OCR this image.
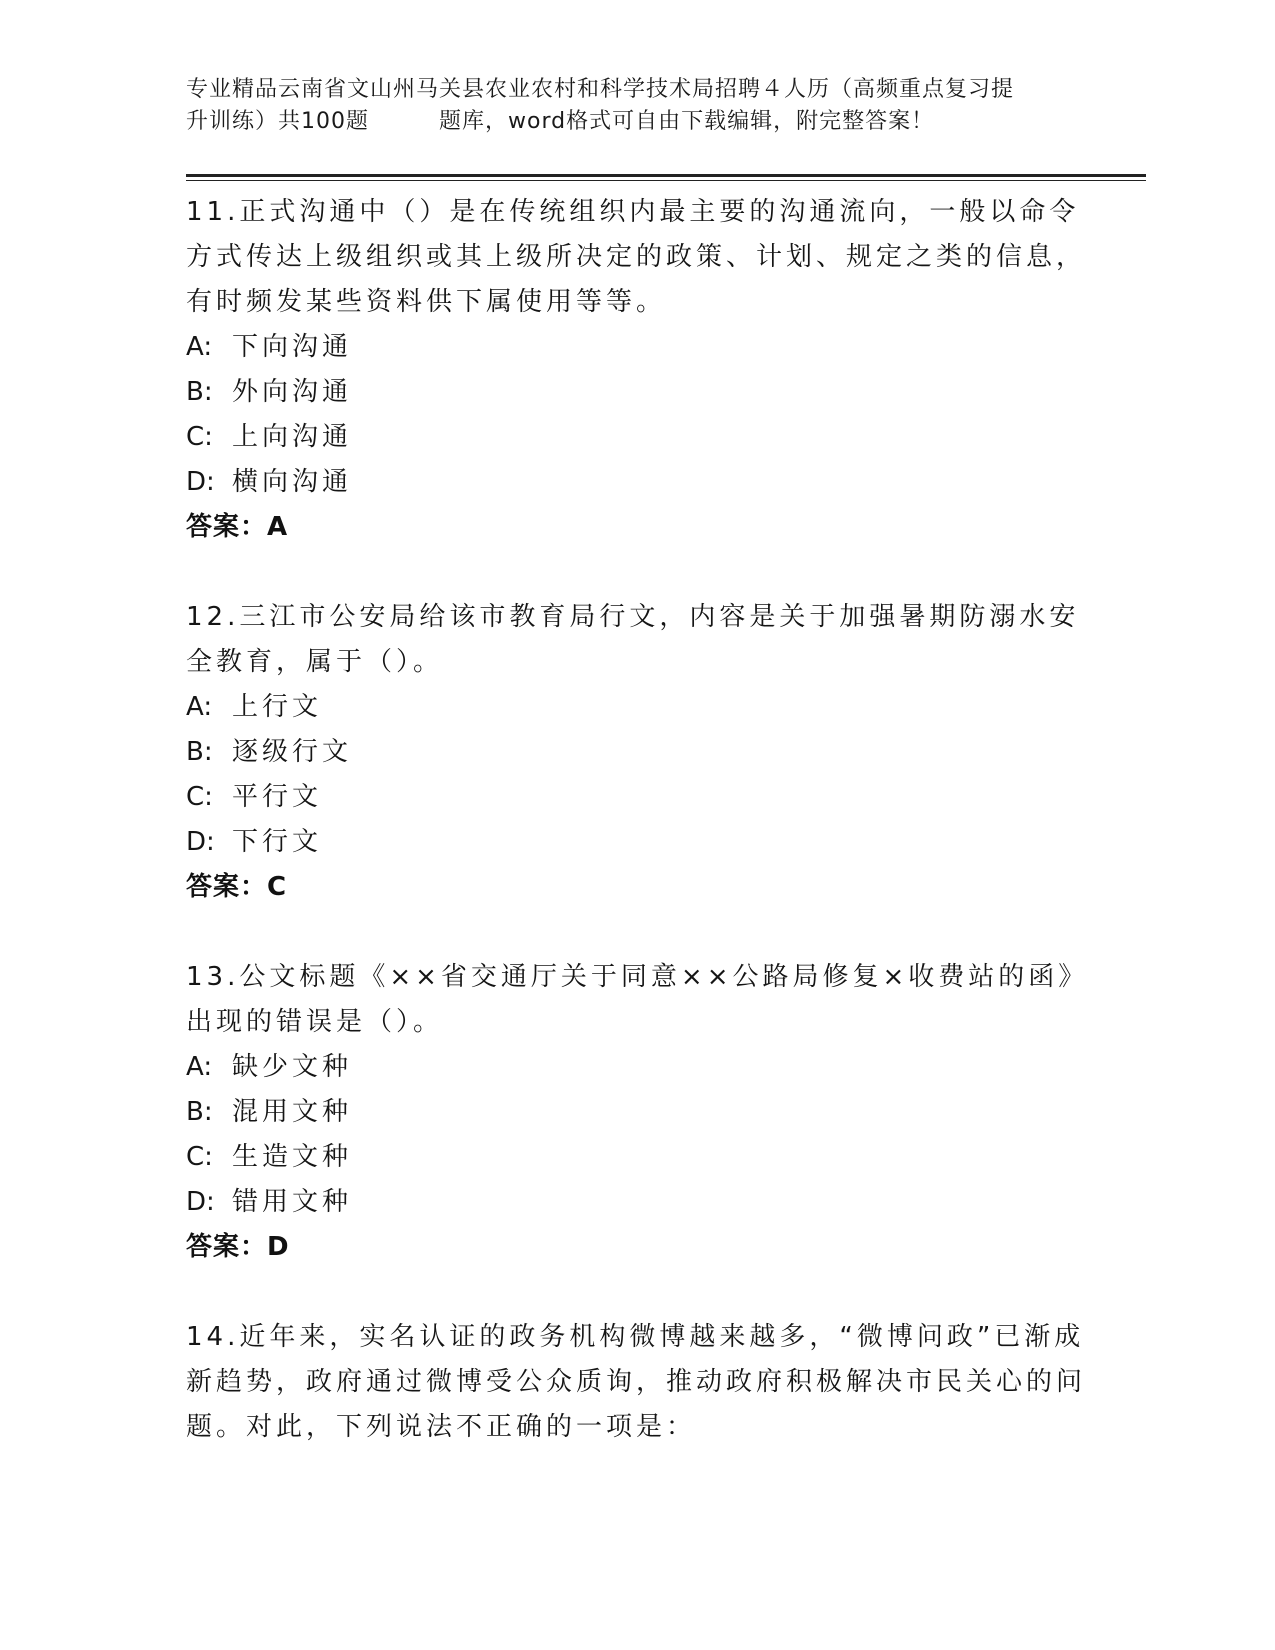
专业精品云南省文山州马关县农业农村和科学技术局招聘４人历（高频重点复习提
升训练）共100题	题库，word格式可自由下载编辑，附完整答案！
11.正式沟通中（）是在传统组织内最主要的沟通流向，一般以命令方式传达上级组织或其上级所决定的政策、计划、规定之类的信息，有时频发某些资料供下属使用等等。
A: 下向沟通
B: 外向沟通
C: 上向沟通
D: 横向沟通
答案：A
12.三江市公安局给该市教育局行文，内容是关于加强暑期防溺水安全教育，属于（）。
A: 上行文
B: 逐级行文
C: 平行文
D: 下行文
答案：C
13.公文标题《××省交通厅关于同意××公路局修复×收费站的函》出现的错误是（）。
A: 缺少文种
B: 混用文种
C: 生造文种
D: 错用文种
答案：D
14.近年来，实名认证的政务机构微博越来越多，“微博问政”已渐成新趋势，政府通过微博受公众质询，推动政府积极解决市民关心的问题。对此，下列说法不正确的一项是：
